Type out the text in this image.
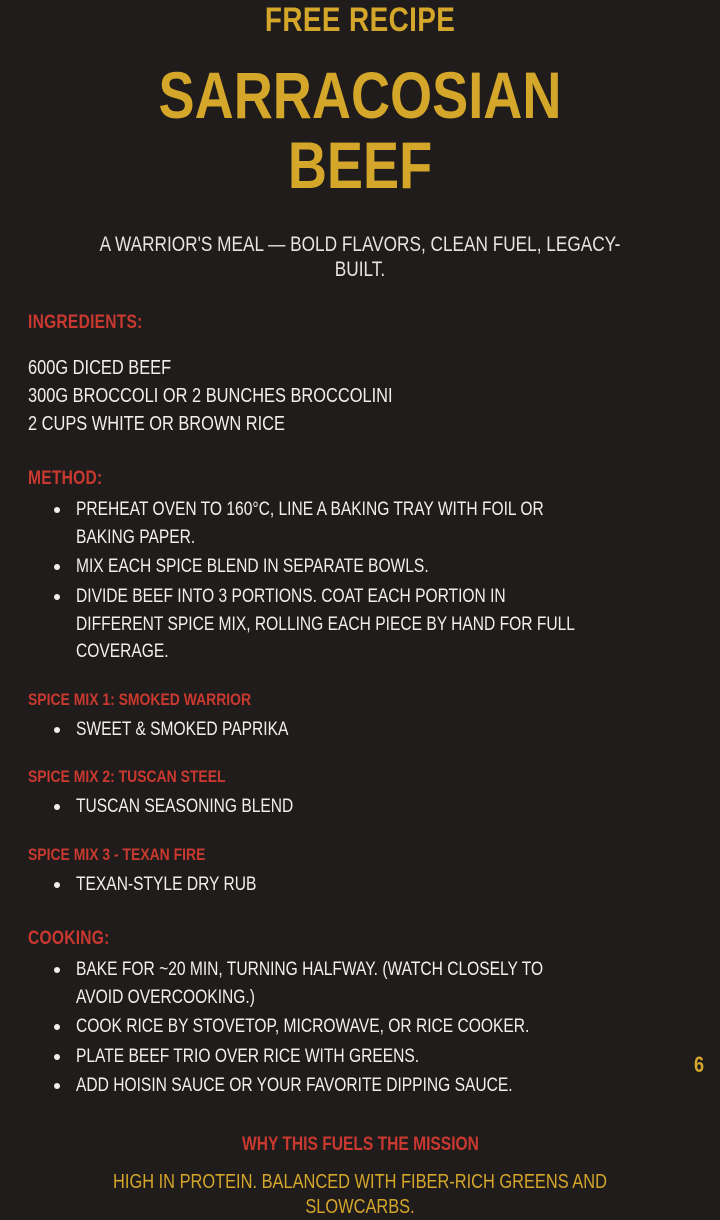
FREE RECIPE
SARRACOSIAN BEEF
A WARRIOR'S MEAL — BOLD FLAVORS, CLEAN FUEL, LEGACY-BUILT.
INGREDIENTS:
600G DICED BEEF
300G BROCCOLI OR 2 BUNCHES BROCCOLINI
2 CUPS WHITE OR BROWN RICE
METHOD:
PREHEAT OVEN TO 160°C, LINE A BAKING TRAY WITH FOIL OR BAKING PAPER.
MIX EACH SPICE BLEND IN SEPARATE BOWLS.
DIVIDE BEEF INTO 3 PORTIONS. COAT EACH PORTION IN DIFFERENT SPICE MIX, ROLLING EACH PIECE BY HAND FOR FULL COVERAGE.
SPICE MIX 1: SMOKED WARRIOR
SWEET & SMOKED PAPRIKA
SPICE MIX 2: TUSCAN STEEL
TUSCAN SEASONING BLEND
SPICE MIX 3 - TEXAN FIRE
TEXAN-STYLE DRY RUB
COOKING:
BAKE FOR ~20 MIN, TURNING HALFWAY. (WATCH CLOSELY TO AVOID OVERCOOKING.)
COOK RICE BY STOVETOP, MICROWAVE, OR RICE COOKER.
PLATE BEEF TRIO OVER RICE WITH GREENS.
ADD HOISIN SAUCE OR YOUR FAVORITE DIPPING SAUCE.
WHY THIS FUELS THE MISSION
HIGH IN PROTEIN. BALANCED WITH FIBER-RICH GREENS AND SLOWCARBS.
6
